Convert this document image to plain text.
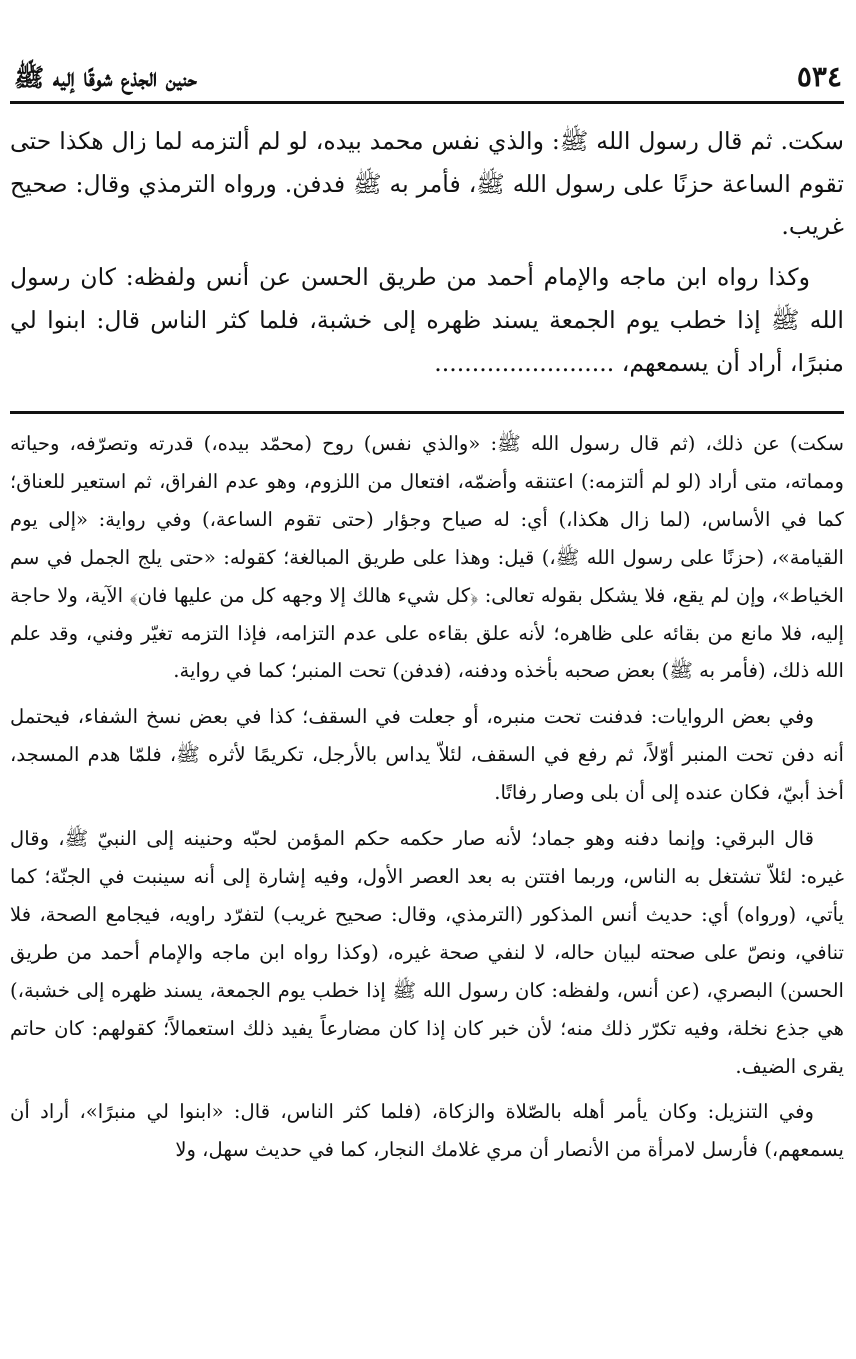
٥٣٤
حنين الجذع شوقًا إليه ﷺ

سكت. ثم قال رسول الله ﷺ: والذي نفس محمد بيده، لو لم ألتزمه لما زال هكذا حتى تقوم الساعة حزنًا على رسول الله ﷺ، فأمر به ﷺ فدفن. ورواه الترمذي وقال: صحيح غريب.

وكذا رواه ابن ماجه والإمام أحمد من طريق الحسن عن أنس ولفظه: كان رسول الله ﷺ إذا خطب يوم الجمعة يسند ظهره إلى خشبة، فلما كثر الناس قال: ابنوا لي منبرًا، أراد أن يسمعهم، ........................

سكت) عن ذلك، (ثم قال رسول الله ﷺ: «والذي نفس) روح (محمّد بيده،) قدرته وتصرّفه، وحياته ومماته، متى أراد (لو لم ألتزمه:) اعتنقه وأضمّه، افتعال من اللزوم، وهو عدم الفراق، ثم استعير للعناق؛ كما في الأساس، (لما زال هكذا،) أي: له صياح وجؤار (حتى تقوم الساعة،) وفي رواية: «إلى يوم القيامة»، (حزنًا على رسول الله ﷺ،) قيل: وهذا على طريق المبالغة؛ كقوله: «حتى يلج الجمل في سم الخياط»، وإن لم يقع، فلا يشكل بقوله تعالى: ﴿كل شيء هالك إلا وجهه كل من عليها فان﴾ الآية، ولا حاجة إليه، فلا مانع من بقائه على ظاهره؛ لأنه علق بقاءه على عدم التزامه، فإذا التزمه تغيّر وفني، وقد علم الله ذلك، (فأمر به ﷺ) بعض صحبه بأخذه ودفنه، (فدفن) تحت المنبر؛ كما في رواية.

وفي بعض الروايات: فدفنت تحت منبره، أو جعلت في السقف؛ كذا في بعض نسخ الشفاء، فيحتمل أنه دفن تحت المنبر أوّلاً، ثم رفع في السقف، لئلاّ يداس بالأرجل، تكريمًا لأثره ﷺ، فلمّا هدم المسجد، أخذ أبيّ، فكان عنده إلى أن بلى وصار رفاتًا.

قال البرقي: وإنما دفنه وهو جماد؛ لأنه صار حكمه حكم المؤمن لحبّه وحنينه إلى النبيّ ﷺ، وقال غيره: لئلاّ تشتغل به الناس، وربما افتتن به بعد العصر الأول، وفيه إشارة إلى أنه سينبت في الجنّة؛ كما يأتي، (ورواه) أي: حديث أنس المذكور (الترمذي، وقال: صحيح غريب) لتفرّد راويه، فيجامع الصحة، فلا تنافي، ونصّ على صحته لبيان حاله، لا لنفي صحة غيره، (وكذا رواه ابن ماجه والإمام أحمد من طريق الحسن) البصري، (عن أنس، ولفظه: كان رسول الله ﷺ إذا خطب يوم الجمعة، يسند ظهره إلى خشبة،) هي جذع نخلة، وفيه تكرّر ذلك منه؛ لأن خبر كان إذا كان مضارعاً يفيد ذلك استعمالاً؛ كقولهم: كان حاتم يقرى الضيف.

وفي التنزيل: وكان يأمر أهله بالصّلاة والزكاة، (فلما كثر الناس، قال: «ابنوا لي منبرًا»، أراد أن يسمعهم،) فأرسل لامرأة من الأنصار أن مري غلامك النجار، كما في حديث سهل، ولا
